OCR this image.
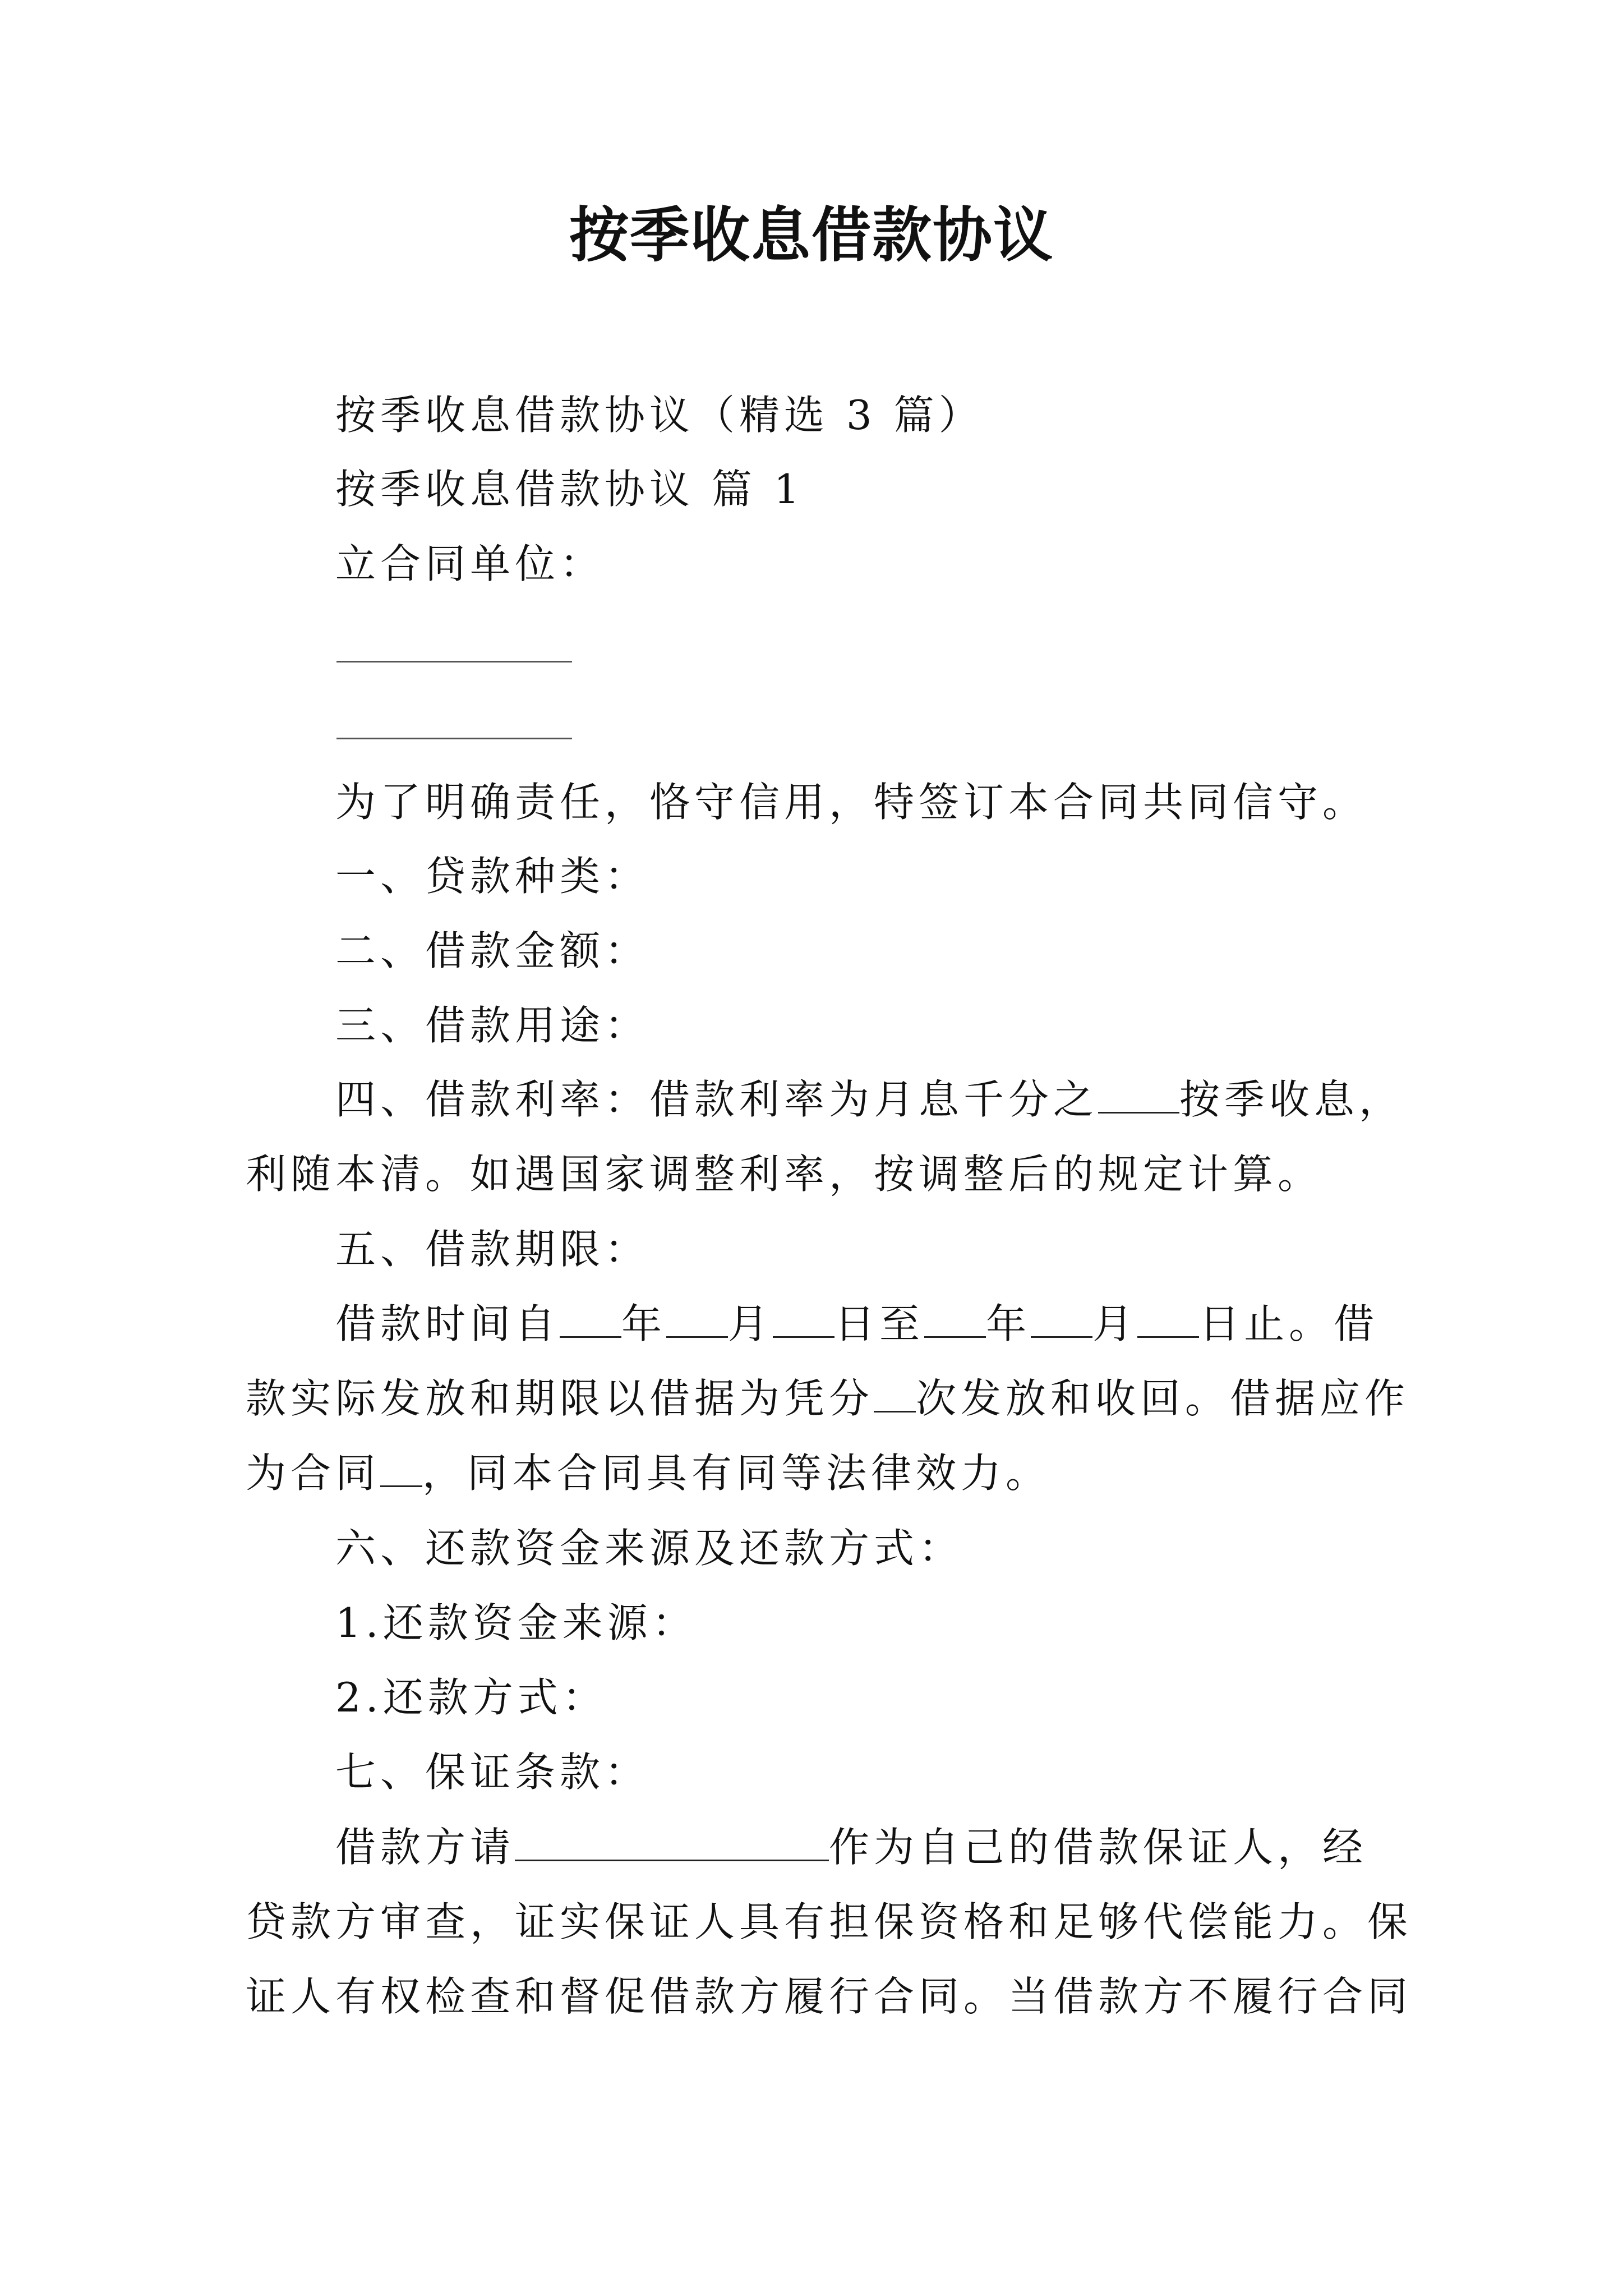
按季收息借款协议
按季收息借款协议（精选 3 篇）
按季收息借款协议 篇 1
立合同单位：
为了明确责任，恪守信用，特签订本合同共同信守。
一、贷款种类：
二、借款金额：
三、借款用途：
四、借款利率：借款利率为月息千分之 按季收息，
利随本清。如遇国家调整利率，按调整后的规定计算。
五、借款期限：
借款时间自 年 月 日至 年 月 日止。借
款实际发放和期限以借据为凭分 次发放和收回。借据应作
为合同 ，同本合同具有同等法律效力。
六、还款资金来源及还款方式：
1.还款资金来源：
2.还款方式：
七、保证条款：
借款方请	作为自己的借款保证人，经
贷款方审查，证实保证人具有担保资格和足够代偿能力。保
证人有权检查和督促借款方履行合同。当借款方不履行合同
